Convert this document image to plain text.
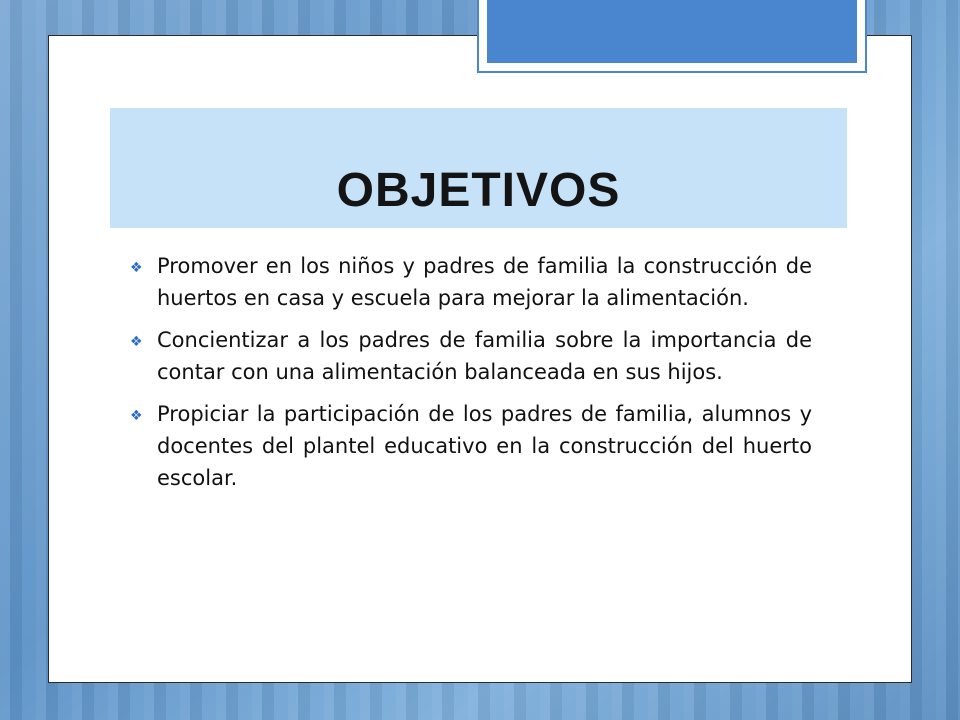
OBJETIVOS
❖ Promover en los niños y padres de familia la construcción de huertos en casa y escuela para mejorar la alimentación.
❖ Concientizar a los padres de familia sobre la importancia de contar con una alimentación balanceada en sus hijos.
❖ Propiciar la participación de los padres de familia, alumnos y docentes del plantel educativo en la construcción del huerto escolar.
